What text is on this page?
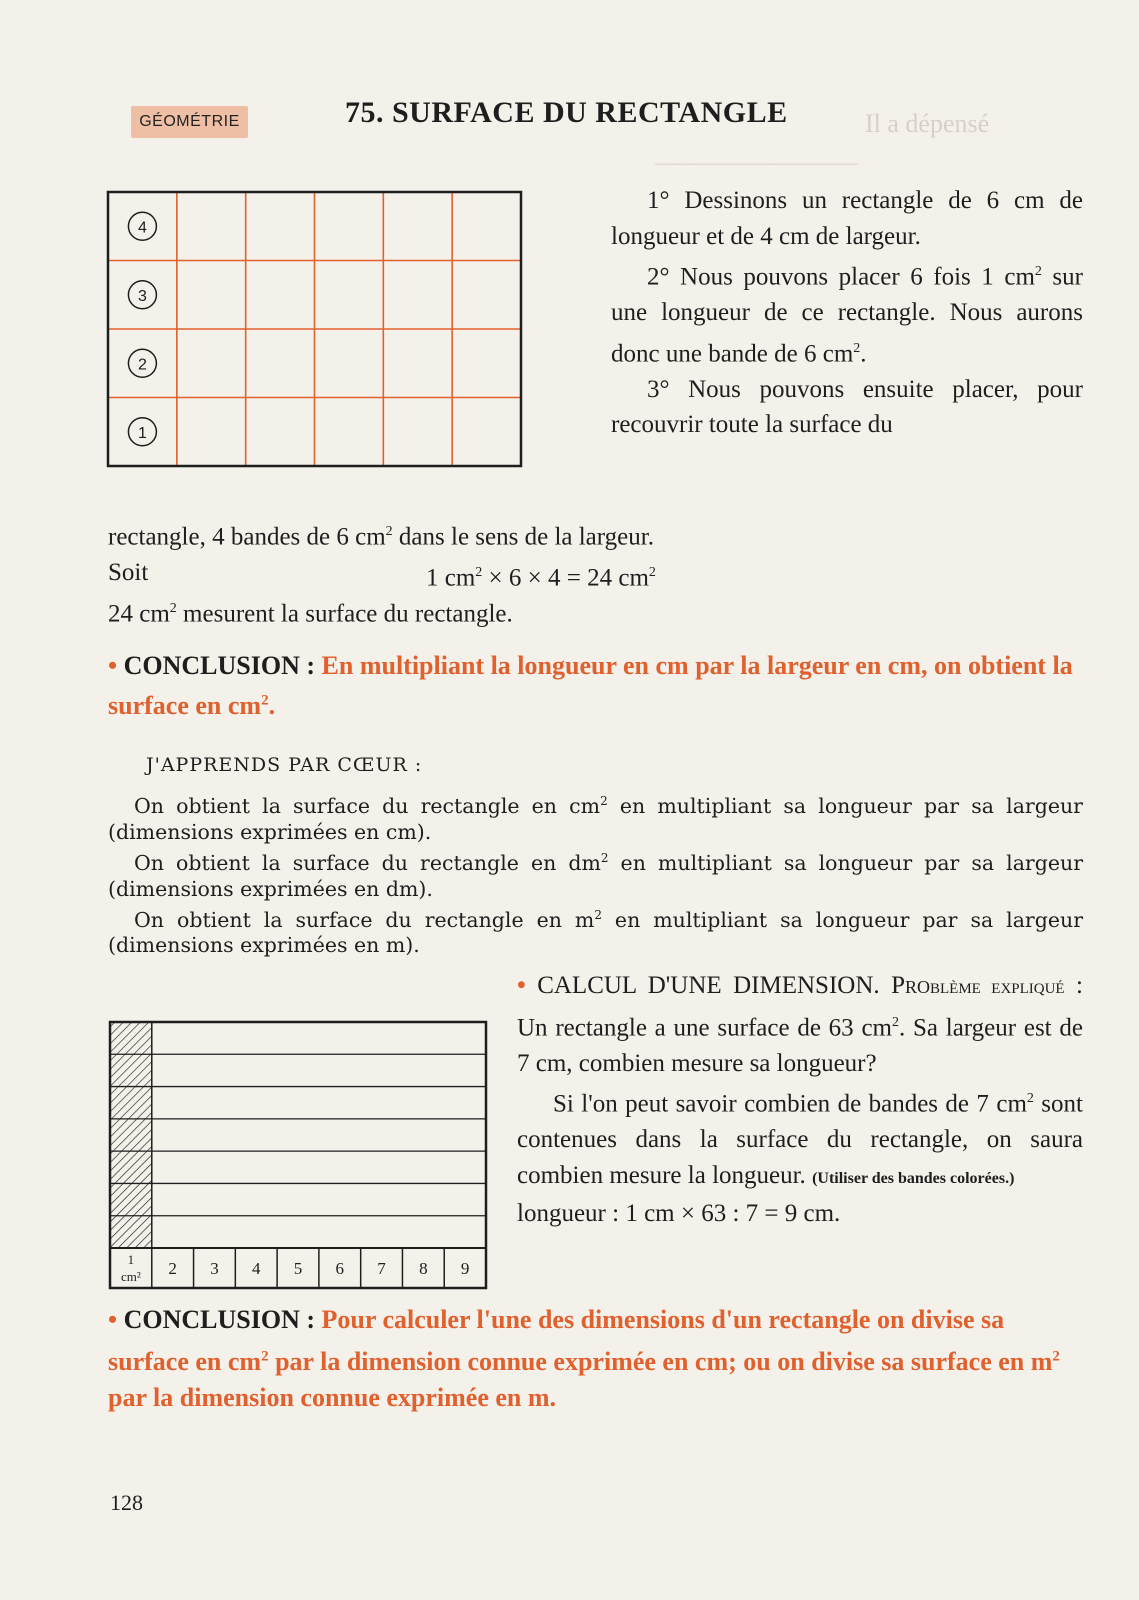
Il a dépensé
─────────────
GÉOMÉTRIE	75. SURFACE DU RECTANGLE
4
3
2
1

1° Dessinons un rectangle de 6 cm de longueur et de 4 cm de largeur.

2° Nous pouvons placer 6 fois 1 $cm^2$ sur une longueur de ce rectangle. Nous aurons donc une bande de 6 $cm^2$.

3° Nous pouvons ensuite placer, pour recouvrir toute la surface du

rectangle, 4 bandes de 6 $cm^2$ dans le sens de la largeur.

Soit	1 $cm^2 \times 6 \times 4 = 24$ $cm^2$

24 $cm^2$ mesurent la surface du rectangle.

• CONCLUSION : En multipliant la longueur en cm par la largeur en cm, on obtient la surface en $cm^2$.

J'APPRENDS PAR CŒUR :

On obtient la surface du rectangle en $cm^2$ en multipliant sa longueur par sa largeur (dimensions exprimées en cm).

On obtient la surface du rectangle en $dm^2$ en multipliant sa longueur par sa largeur (dimensions exprimées en dm).

On obtient la surface du rectangle en $m^2$ en multipliant sa longueur par sa largeur (dimensions exprimées en m).

1
cm² 2 3 4 5 6 7 8 9

• CALCUL D'UNE DIMENSION. Problème expliqué : Un rectangle a une surface de 63 $cm^2$. Sa largeur est de 7 cm, combien mesure sa longueur?

Si l'on peut savoir combien de bandes de 7 $cm^2$ sont contenues dans la surface du rectangle, on saura combien mesure la longueur. (Utiliser des bandes colorées.)

longueur : 1 cm × 63 : 7 = 9 cm.

• CONCLUSION : Pour calculer l'une des dimensions d'un rectangle on divise sa surface en $cm^2$ par la dimension connue exprimée en cm; ou on divise sa surface en $m^2$ par la dimension connue exprimée en m.

128
